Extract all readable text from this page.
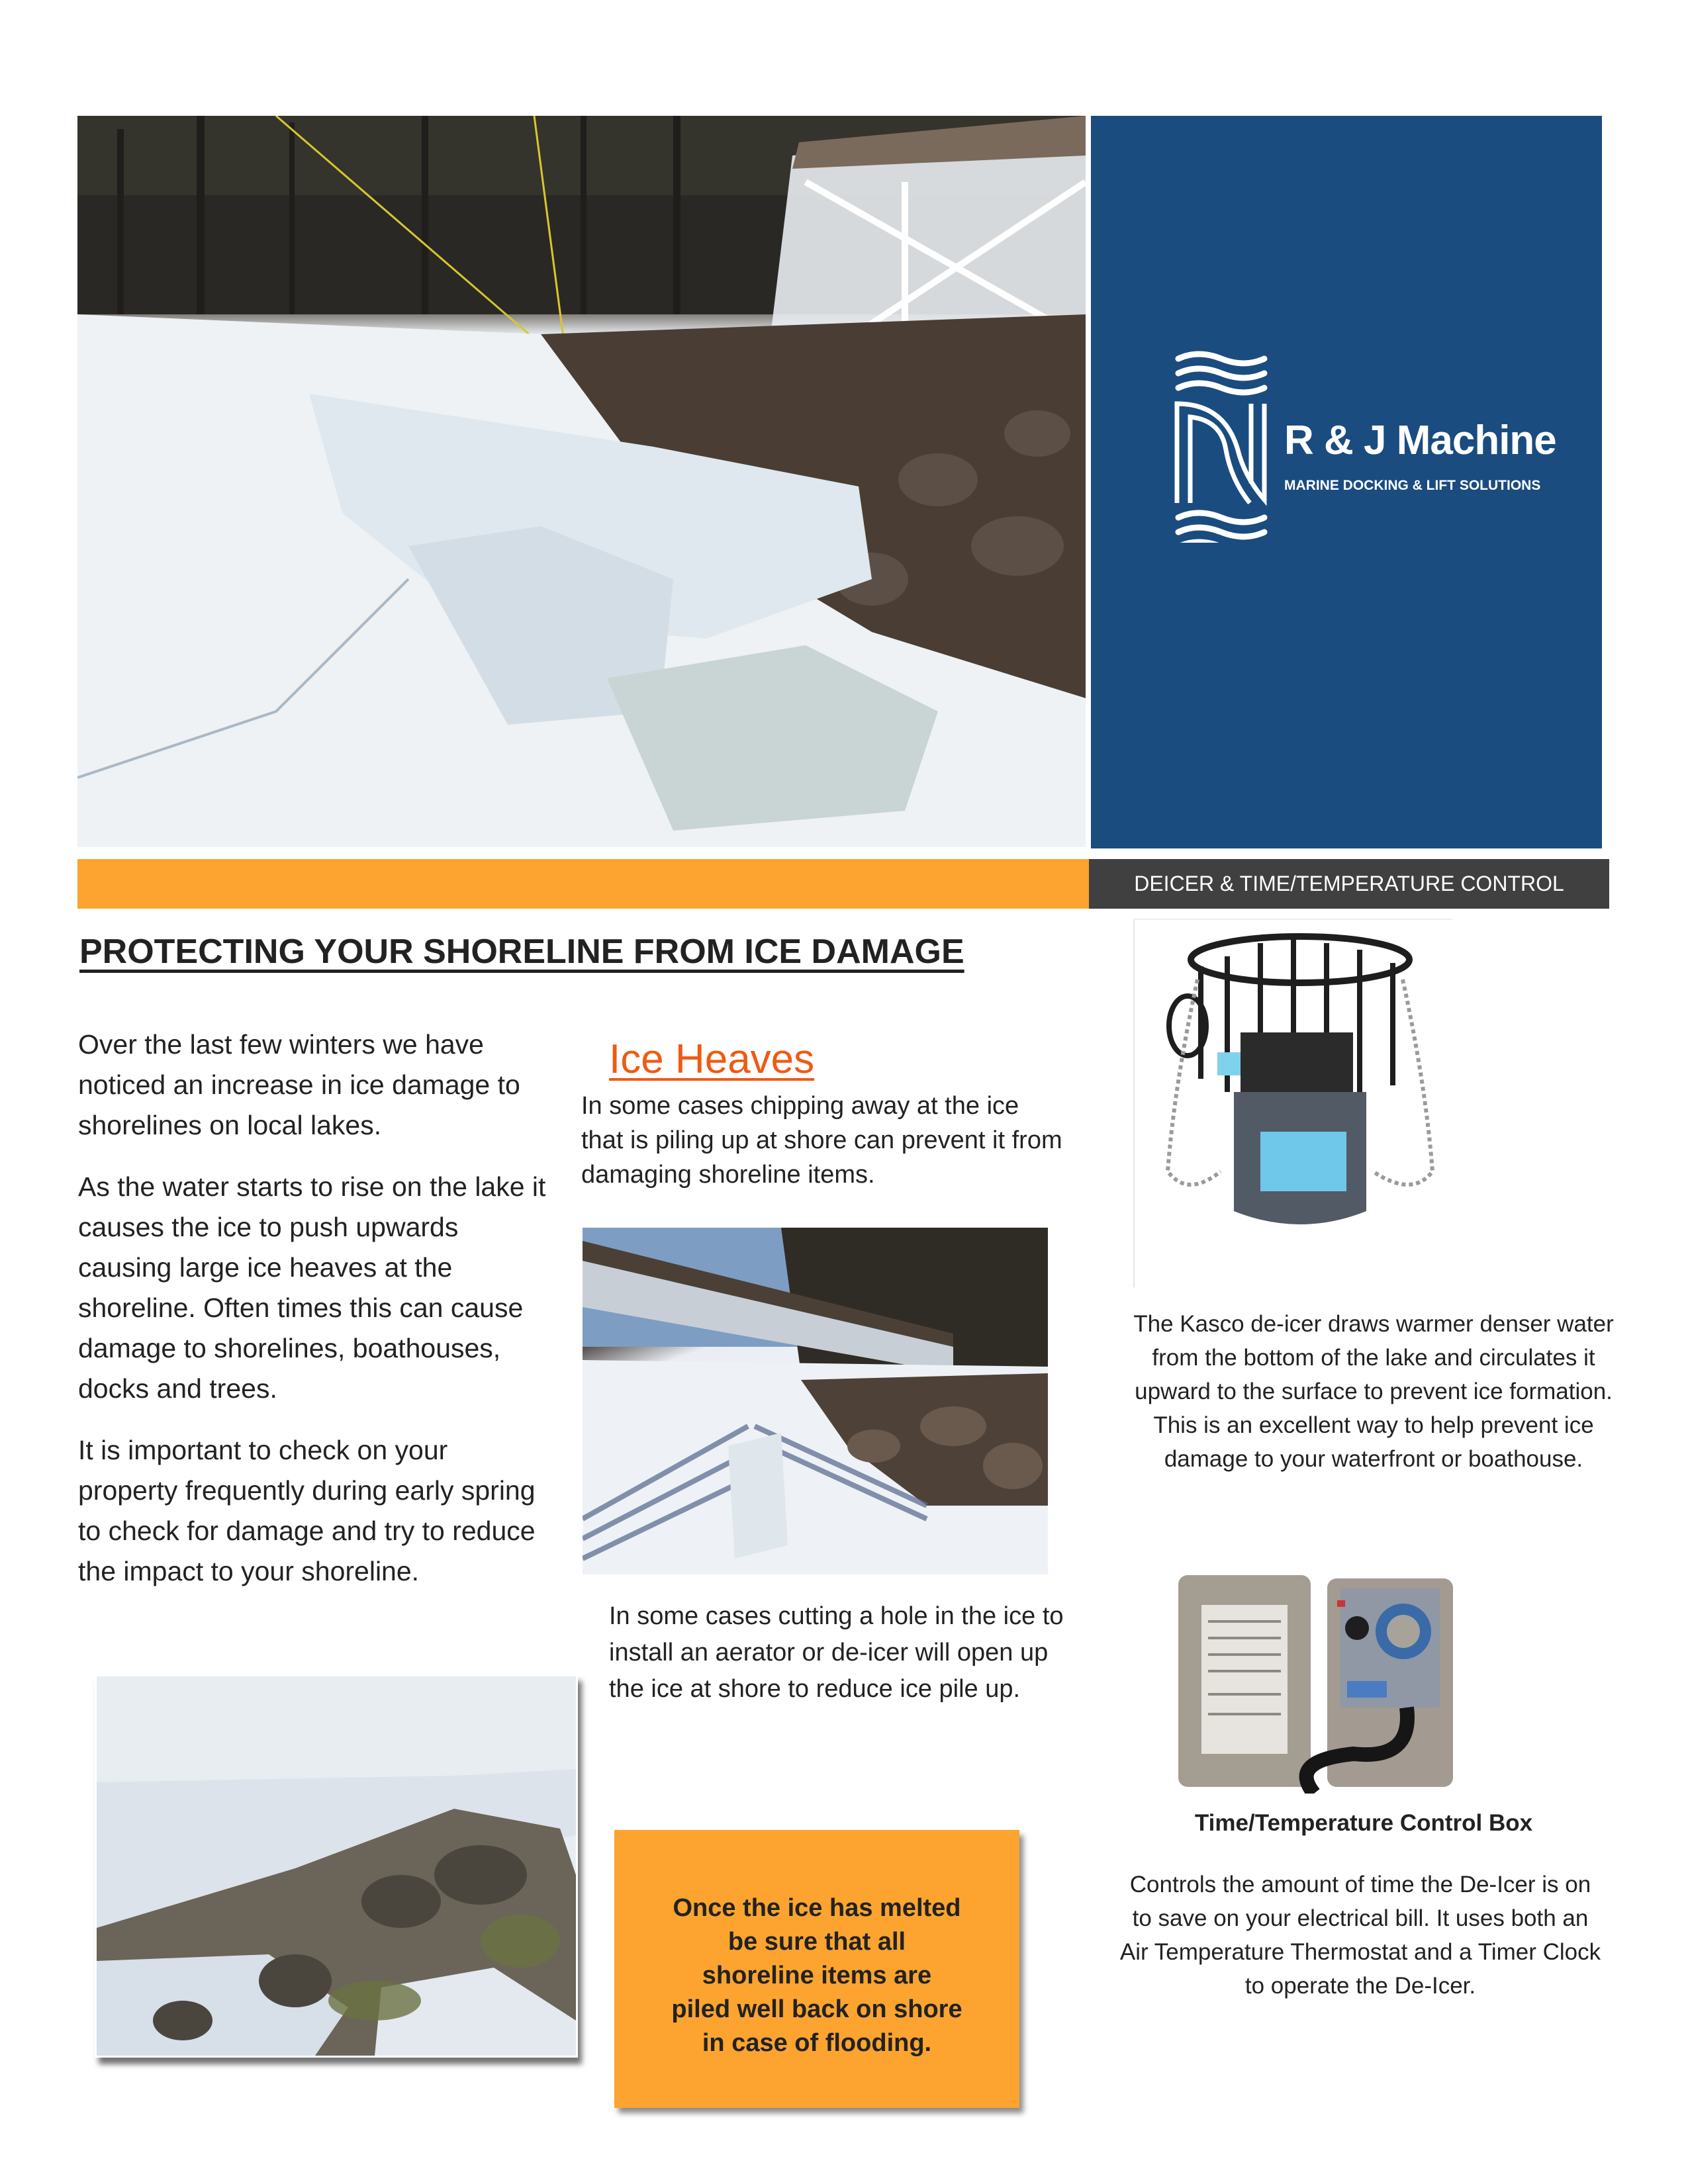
R & J Machine
MARINE DOCKING & LIFT SOLUTIONS
DEICER & TIME/TEMPERATURE CONTROL
PROTECTING YOUR SHORELINE FROM ICE DAMAGE

Over the last few winters we have noticed an increase in ice damage to shorelines on local lakes.

As the water starts to rise on the lake it causes the ice to push upwards causing large ice heaves at the shoreline. Often times this can cause damage to shorelines, boathouses, docks and trees.

It is important to check on your property frequently during early spring to check for damage and try to reduce the impact to your shoreline.

Ice Heaves
In some cases chipping away at the ice that is piling up at shore can prevent it from damaging shoreline items.
In some cases cutting a hole in the ice to install an aerator or de-icer will open up the ice at shore to reduce ice pile up.
Once the ice has melted
be sure that all
shoreline items are
piled well back on shore
in case of flooding.
The Kasco de-icer draws warmer denser water from the bottom of the lake and circulates it upward to the surface to prevent ice formation. This is an excellent way to help prevent ice damage to your waterfront or boathouse.
Time/Temperature Control Box
Controls the amount of time the De-Icer is on to save on your electrical bill. It uses both an Air Temperature Thermostat and a Timer Clock to operate the De-Icer.
